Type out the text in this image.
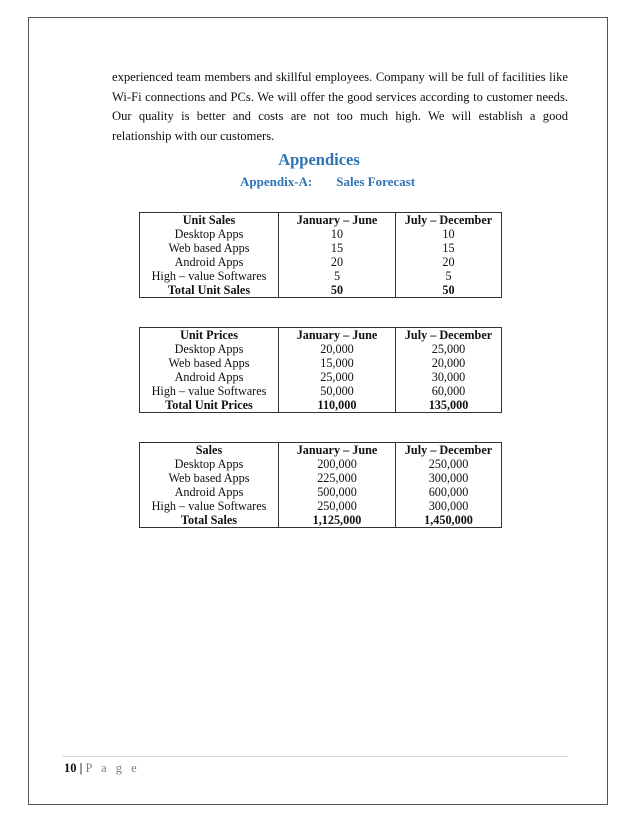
experienced team members and skillful employees. Company will be full of facilities like Wi-Fi connections and PCs. We will offer the good services according to customer needs. Our quality is better and costs are not too much high. We will establish a good relationship with our customers.

Appendices
Appendix-A: Sales Forecast
Unit Sales	January – June	July – December
Desktop Apps	10	10
Web based Apps	15	15
Android Apps	20	20
High – value Softwares	5	5
Total Unit Sales	50	50
Unit Prices	January – June	July – December
Desktop Apps	20,000	25,000
Web based Apps	15,000	20,000
Android Apps	25,000	30,000
High – value Softwares	50,000	60,000
Total Unit Prices	110,000	135,000
Sales	January – June	July – December
Desktop Apps	200,000	250,000
Web based Apps	225,000	300,000
Android Apps	500,000	600,000
High – value Softwares	250,000	300,000
Total Sales	1,125,000	1,450,000
10 | P a g e
